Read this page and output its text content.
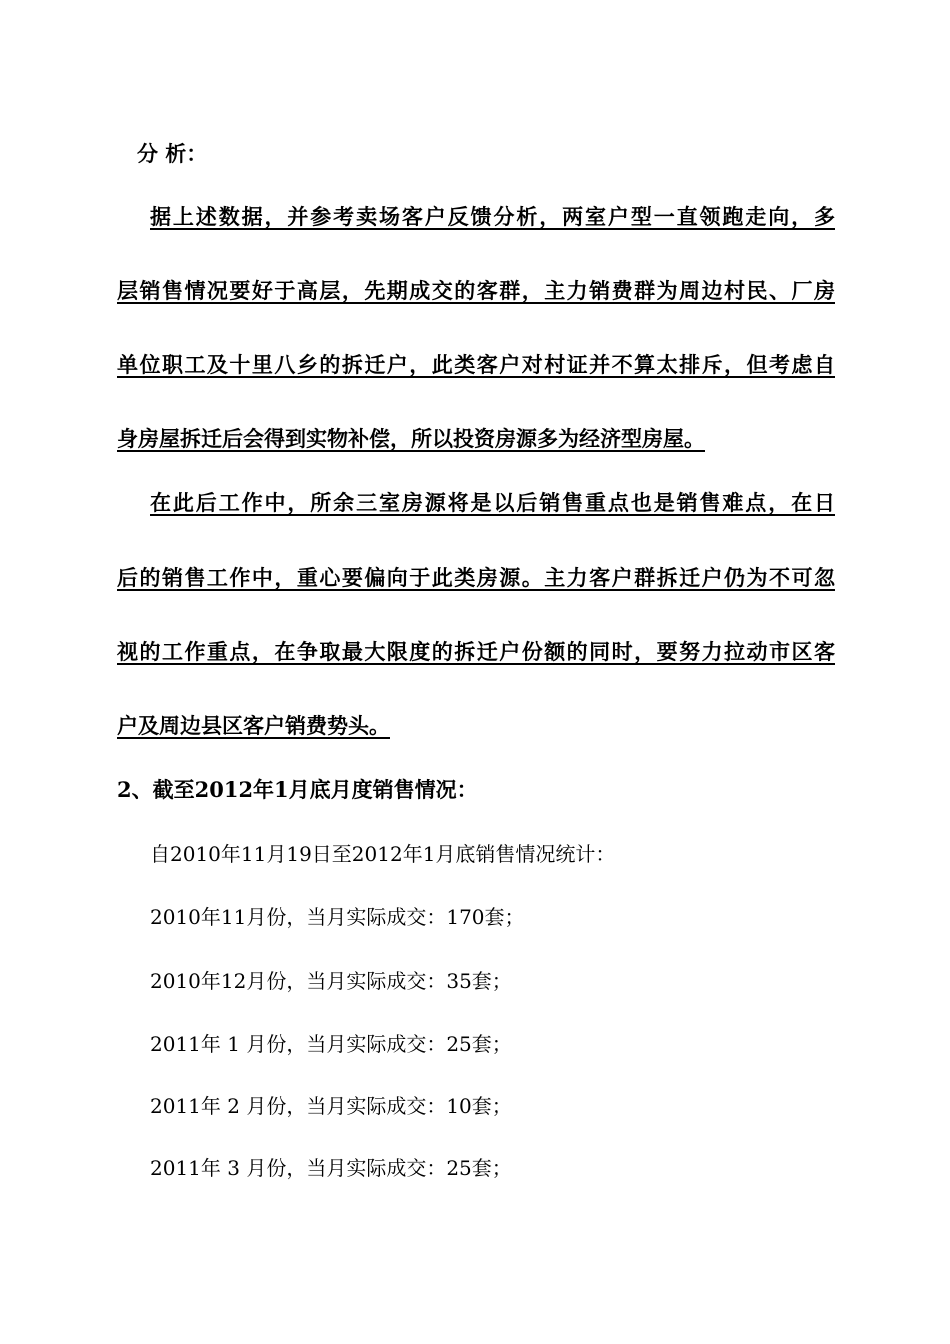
分 析：

据上述数据，并参考卖场客户反馈分析，两室户型一直领跑走向，多

层销售情况要好于高层，先期成交的客群，主力销费群为周边村民、厂房

单位职工及十里八乡的拆迁户，此类客户对村证并不算太排斥，但考虑自

身房屋拆迁后会得到实物补偿，所以投资房源多为经济型房屋。

在此后工作中，所余三室房源将是以后销售重点也是销售难点，在日

后的销售工作中，重心要偏向于此类房源。主力客户群拆迁户仍为不可忽

视的工作重点，在争取最大限度的拆迁户份额的同时，要努力拉动市区客

户及周边县区客户销费势头。

2、截至2012年1月底月度销售情况：

自2010年11月19日至2012年1月底销售情况统计：

2010年11月份，当月实际成交：170套；

2010年12月份，当月实际成交：35套；

2011年 1 月份，当月实际成交：25套；

2011年 2 月份，当月实际成交：10套；

2011年 3 月份，当月实际成交：25套；
